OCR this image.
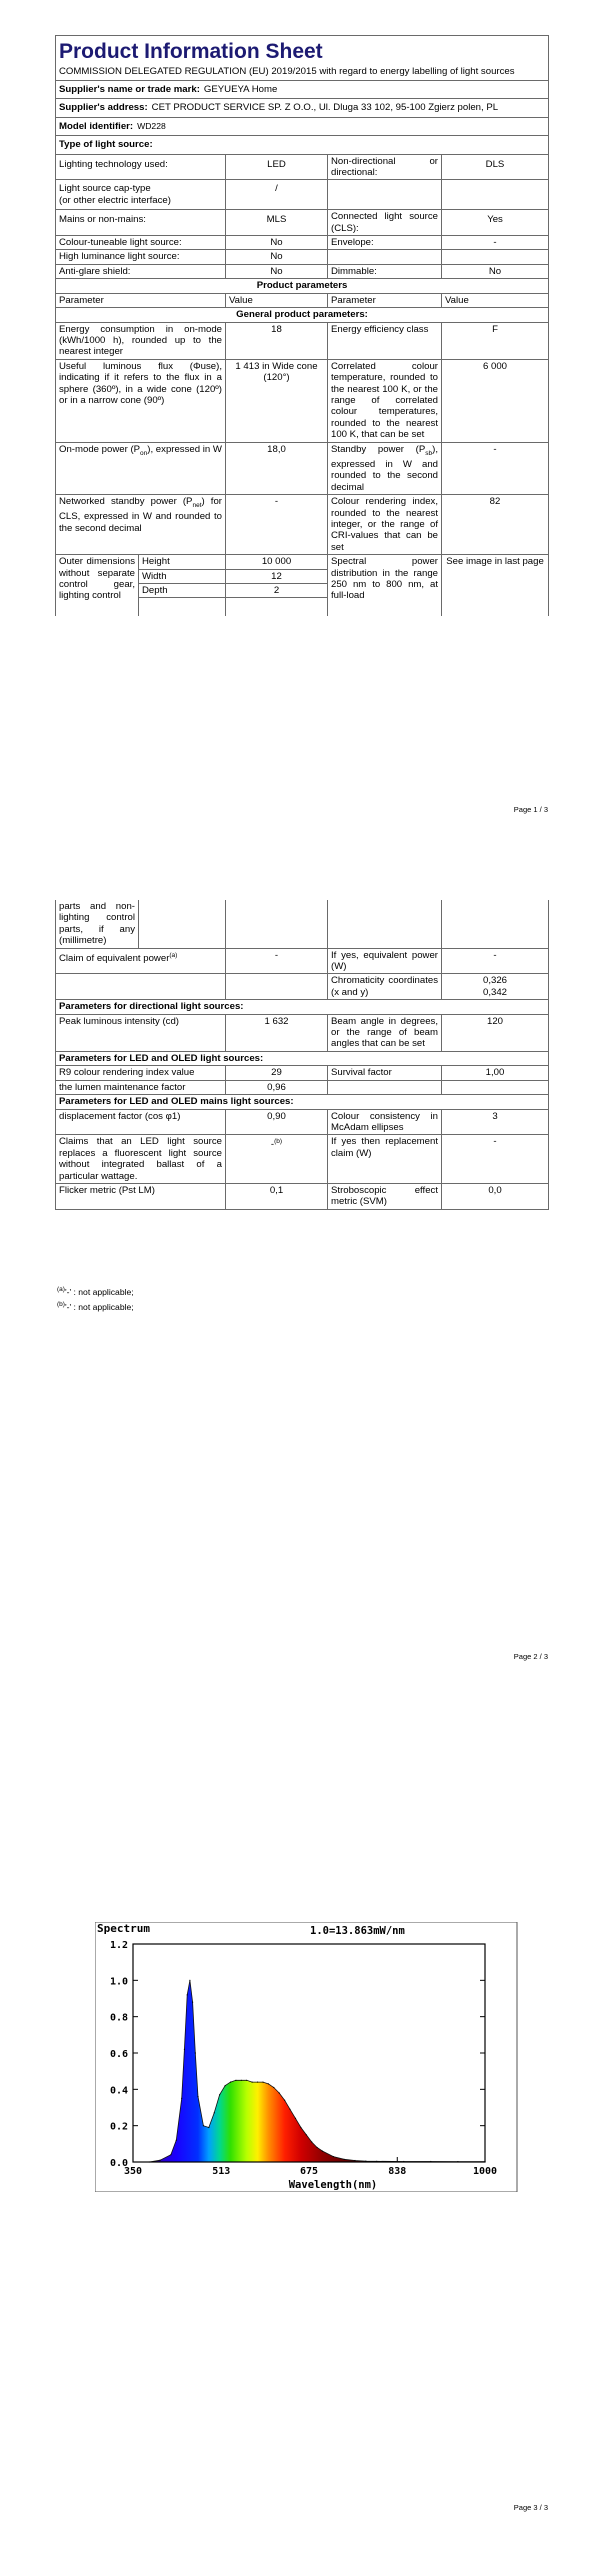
Product Information Sheet
COMMISSION DELEGATED REGULATION (EU) 2019/2015 with regard to energy labelling of light sources				

Supplier's name or trade mark: GEYUEYA Home				
Supplier's address: CET PRODUCT SERVICE SP. Z O.O., Ul. Dluga 33 102, 95-100 Zgierz polen, PL				
Model identifier: WD228				
Type of light source:				
Lighting technology used:		LED	Non-directional or directional:	DLS
Light source cap-type
(or other electric interface)		/		
Mains or non-mains:		MLS	Connected light source (CLS):	Yes
Colour-tuneable light source:		No	Envelope:	-
High luminance light source:		No		
Anti-glare shield:		No	Dimmable:	No
Product parameters				
Parameter		Value	Parameter	Value
General product parameters:				
Energy consumption in on-mode (kWh/1000 h), rounded up to the nearest integer		18	Energy efficiency class	F
Useful luminous flux (Φuse), indicating if it refers to the flux in a sphere (360º), in a wide cone (120º) or in a narrow cone (90º)		1 413 in Wide cone (120°)	Correlated colour temperature, rounded to the nearest 100 K, or the range of correlated colour temperatures, rounded to the nearest 100 K, that can be set	6 000
On-mode power $(P_{on})$, expressed in W		18,0	Standby power $(P_{sb})$, expressed in W and rounded to the second decimal	-
Networked standby power $(P_{net})$ for CLS, expressed in W and rounded to the second decimal		-	Colour rendering index, rounded to the nearest integer, or the range of CRI-values that can be set	82
Outer dimensions without separate control gear, lighting control	Height	10 000	Spectral power distribution in the range 250 nm to 800 nm, at full-load	See image in last page
	Width	12		
	Depth	2		

Page 1 / 3
parts and non-lighting control parts, if any (millimetre)				
Claim of equivalent power$^{(a)}$		-	If yes, equivalent power (W)	-
			Chromaticity coordinates (x and y)	0,326
0,342

Parameters for directional light sources:				
Peak luminous intensity (cd)		1 632	Beam angle in degrees, or the range of beam angles that can be set	120
Parameters for LED and OLED light sources:				
R9 colour rendering index value		29	Survival factor	1,00
the lumen maintenance factor		0,96		
Parameters for LED and OLED mains light sources:				
displacement factor (cos φ1)		0,90	Colour consistency in McAdam ellipses	3
Claims that an LED light source replaces a fluorescent light source without integrated ballast of a particular wattage.		-$^{(b)}$	If yes then replacement claim (W)	-
Flicker metric (Pst LM)		0,1	Stroboscopic effect metric (SVM)	0,0
$^{(a)}$'-' : not applicable;
$^{(b)}$'-' : not applicable;
Page 2 / 3
Spectrum	1.0=13.863mW/nm
0.0
0.2
0.4
0.6
0.8
1.0
1.2
350	513	675	838	1000
Wavelength(nm)
Page 3 / 3
